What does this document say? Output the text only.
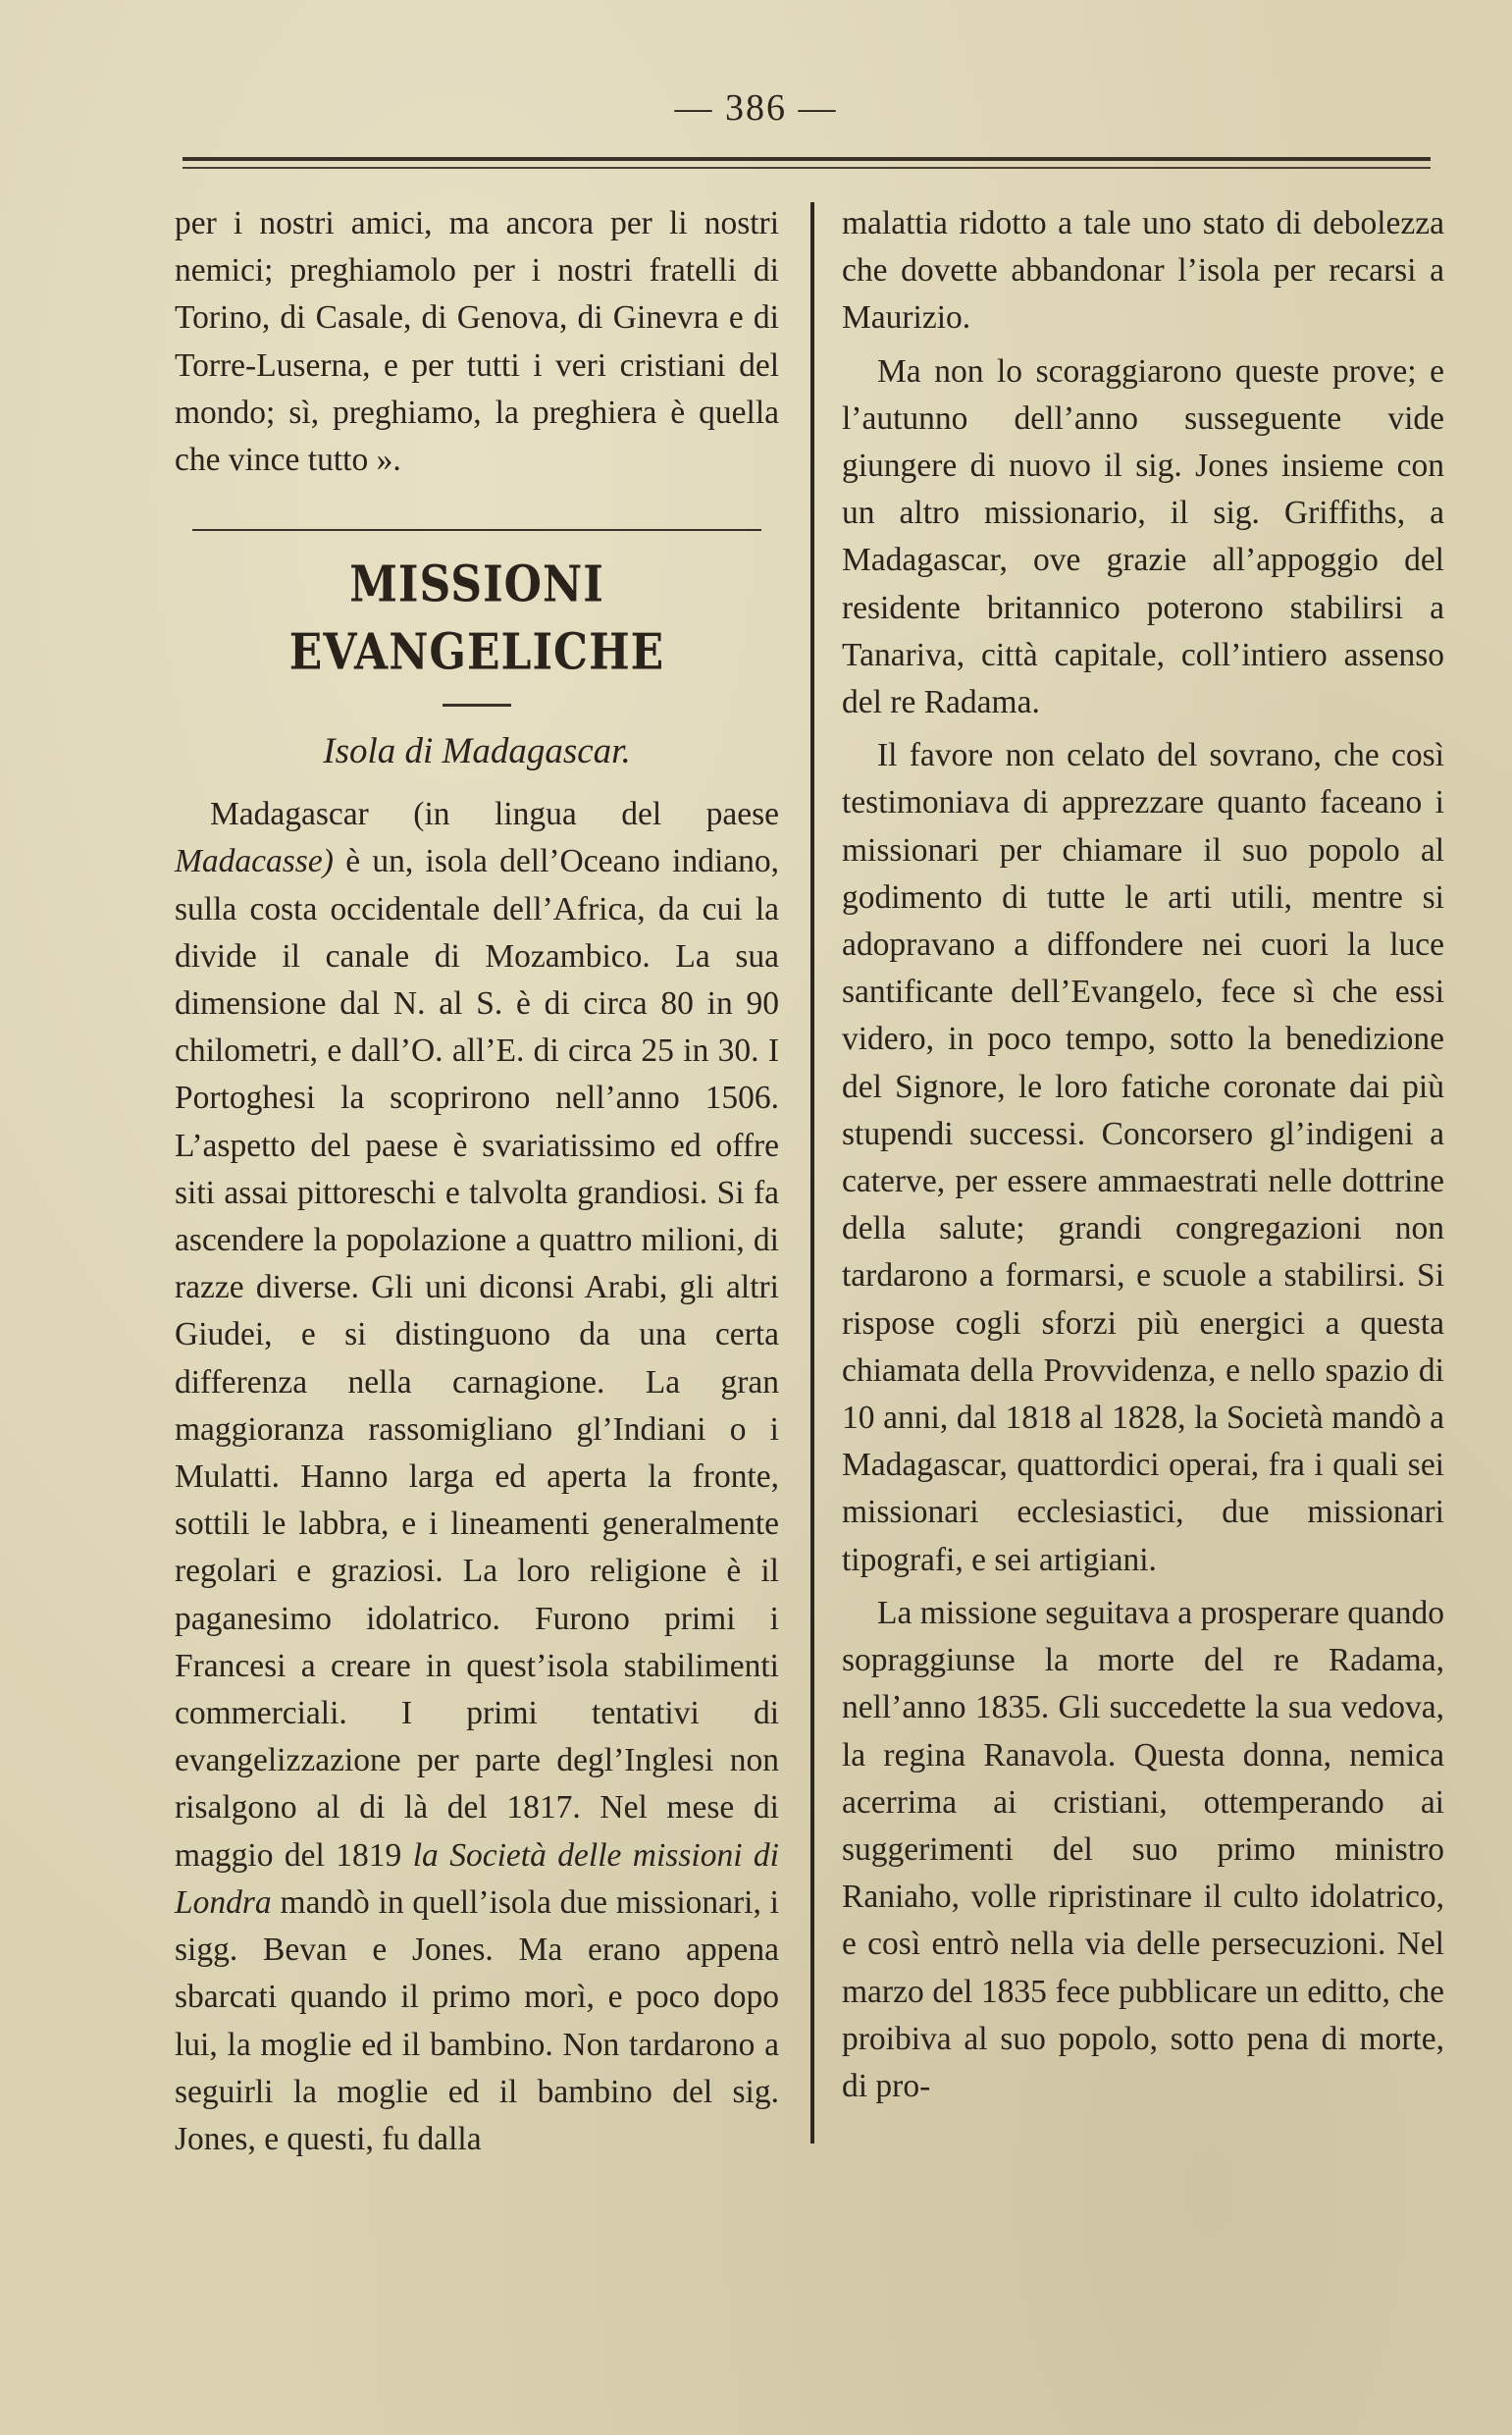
— 386 —

per i nostri amici, ma ancora per li nostri nemici; preghiamolo per i nostri fratelli di Torino, di Casale, di Genova, di Ginevra e di Torre-Luserna, e per tutti i veri cristiani del mondo; sì, preghiamo, la preghiera è quella che vince tutto ».

MISSIONI EVANGELICHE
Isola di Madagascar.

Madagascar (in lingua del paese Madacasse) è un, isola dell’Oceano indiano, sulla costa occidentale dell’Africa, da cui la divide il canale di Mozambico. La sua dimensione dal N. al S. è di circa 80 in 90 chilometri, e dall’O. all’E. di circa 25 in 30. I Portoghesi la scoprirono nell’anno 1506. L’aspetto del paese è svariatissimo ed offre siti assai pittoreschi e talvolta grandiosi. Si fa ascendere la popolazione a quattro milioni, di razze diverse. Gli uni diconsi Arabi, gli altri Giudei, e si distinguono da una certa differenza nella carnagione. La gran maggioranza rassomigliano gl’Indiani o i Mulatti. Hanno larga ed aperta la fronte, sottili le labbra, e i lineamenti generalmente regolari e graziosi. La loro religione è il paganesimo idolatrico. Furono primi i Francesi a creare in quest’isola stabilimenti commerciali. I primi tentativi di evangelizzazione per parte degl’Inglesi non risalgono al di là del 1817. Nel mese di maggio del 1819 la Società delle missioni di Londra mandò in quell’isola due missionari, i sigg. Bevan e Jones. Ma erano appena sbarcati quando il primo morì, e poco dopo lui, la moglie ed il bambino. Non tardarono a seguirli la moglie ed il bambino del sig. Jones, e questi, fu dalla

malattia ridotto a tale uno stato di debolezza che dovette abbandonar l’isola per recarsi a Maurizio.

Ma non lo scoraggiarono queste prove; e l’autunno dell’anno susseguente vide giungere di nuovo il sig. Jones insieme con un altro missionario, il sig. Griffiths, a Madagascar, ove grazie all’appoggio del residente britannico poterono stabilirsi a Tanariva, città capitale, coll’intiero assenso del re Radama.

Il favore non celato del sovrano, che così testimoniava di apprezzare quanto faceano i missionari per chiamare il suo popolo al godimento di tutte le arti utili, mentre si adopravano a diffondere nei cuori la luce santificante dell’Evangelo, fece sì che essi videro, in poco tempo, sotto la benedizione del Signore, le loro fatiche coronate dai più stupendi successi. Concorsero gl’indigeni a caterve, per essere ammaestrati nelle dottrine della salute; grandi congregazioni non tardarono a formarsi, e scuole a stabilirsi. Si rispose cogli sforzi più energici a questa chiamata della Provvidenza, e nello spazio di 10 anni, dal 1818 al 1828, la Società mandò a Madagascar, quattordici operai, fra i quali sei missionari ecclesiastici, due missionari tipografi, e sei artigiani.

La missione seguitava a prosperare quando sopraggiunse la morte del re Radama, nell’anno 1835. Gli succedette la sua vedova, la regina Ranavola. Questa donna, nemica acerrima ai cristiani, ottemperando ai suggerimenti del suo primo ministro Raniaho, volle ripristinare il culto idolatrico, e così entrò nella via delle persecuzioni. Nel marzo del 1835 fece pubblicare un editto, che proibiva al suo popolo, sotto pena di morte, di pro-
